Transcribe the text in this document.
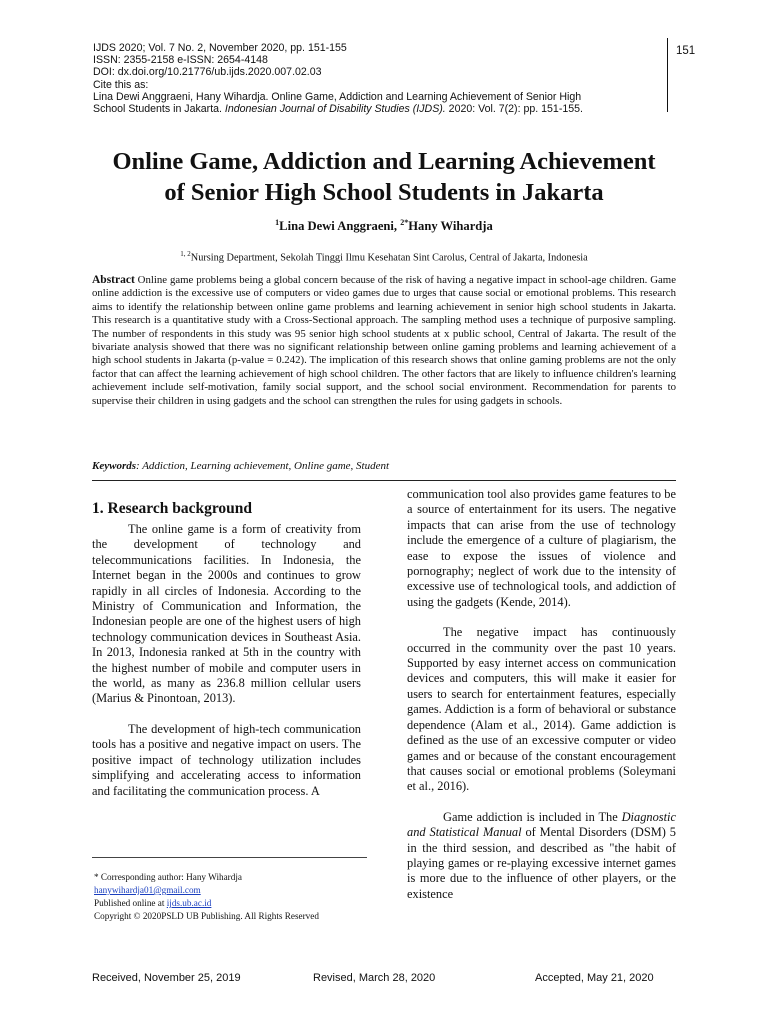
IJDS 2020; Vol. 7 No. 2, November 2020, pp. 151-155
ISSN: 2355-2158 e-ISSN: 2654-4148
DOI: dx.doi.org/10.21776/ub.ijds.2020.007.02.03
Cite this as:
Lina Dewi Anggraeni, Hany Wihardja. Online Game, Addiction and Learning Achievement of Senior High
School Students in Jakarta. Indonesian Journal of Disability Studies (IJDS). 2020: Vol. 7(2): pp. 151-155.
151
Online Game, Addiction and Learning Achievement
of Senior High School Students in Jakarta
$^1$Lina Dewi Anggraeni, $^{2*}$Hany Wihardja
$^{1, 2}$Nursing Department, Sekolah Tinggi Ilmu Kesehatan Sint Carolus, Central of Jakarta, Indonesia
Abstract Online game problems being a global concern because of the risk of having a negative impact in school-age children. Game online addiction is the excessive use of computers or video games due to urges that cause social or emotional problems. This research aims to identify the relationship between online game problems and learning achievement in senior high school students in Jakarta. This research is a quantitative study with a Cross-Sectional approach. The sampling method uses a technique of purposive sampling. The number of respondents in this study was 95 senior high school students at x public school, Central of Jakarta. The result of the bivariate analysis showed that there was no significant relationship between online gaming problems and learning achievement of a high school students in Jakarta (p-value = 0.242). The implication of this research shows that online gaming problems are not the only factor that can affect the learning achievement of high school children. The other factors that are likely to influence children's learning achievement include self-motivation, family social support, and the school social environment. Recommendation for parents to supervise their children in using gadgets and the school can strengthen the rules for using gadgets in schools.
Keywords: Addiction, Learning achievement, Online game, Student
1. Research background

The online game is a form of creativity from the development of technology and telecommunications facilities. In Indonesia, the Internet began in the 2000s and continues to grow rapidly in all circles of Indonesia. According to the Ministry of Communication and Information, the Indonesian people are one of the highest users of high technology communication devices in Southeast Asia. In 2013, Indonesia ranked at 5th in the country with the highest number of mobile and computer users in the world, as many as 236.8 million cellular users (Marius & Pinontoan, 2013).

The development of high-tech communication tools has a positive and negative impact on users. The positive impact of technology utilization includes simplifying and accelerating access to information and facilitating the communication process. A

communication tool also provides game features to be a source of entertainment for its users. The negative impacts that can arise from the use of technology include the emergence of a culture of plagiarism, the ease to expose the issues of violence and pornography; neglect of work due to the intensity of excessive use of technological tools, and addiction of using the gadgets (Kende, 2014).

The negative impact has continuously occurred in the community over the past 10 years. Supported by easy internet access on communication devices and computers, this will make it easier for users to search for entertainment features, especially games. Addiction is a form of behavioral or substance dependence (Alam et al., 2014). Game addiction is defined as the use of an excessive computer or video games and or because of the constant encouragement that causes social or emotional problems (Soleymani et al., 2016).

Game addiction is included in The Diagnostic and Statistical Manual of Mental Disorders (DSM) 5 in the third session, and described as "the habit of playing games or re-playing excessive internet games is more due to the influence of other players, or the existence

* Corresponding author: Hany Wihardja
hanywihardja01@gmail.com
Published online at ijds.ub.ac.id
Copyright © 2020PSLD UB Publishing. All Rights Reserved
Received, November 25, 2019	Revised, March 28, 2020	Accepted, May 21, 2020
